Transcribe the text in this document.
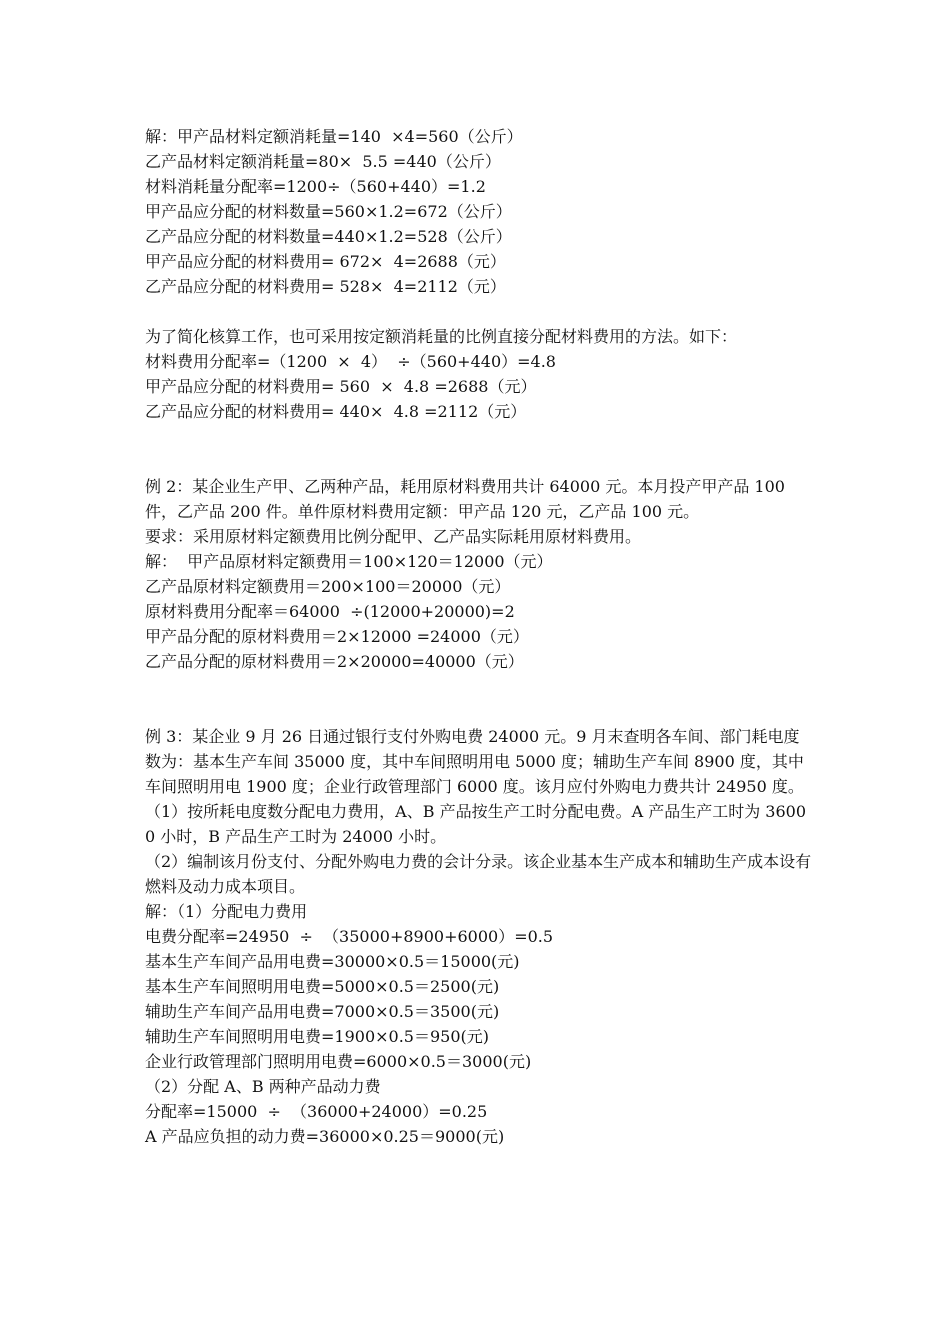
解：甲产品材料定额消耗量=140  ×4=560（公斤）
乙产品材料定额消耗量=80×  5.5 =440（公斤）
材料消耗量分配率=1200÷（560+440）=1.2
甲产品应分配的材料数量=560×1.2=672（公斤）
乙产品应分配的材料数量=440×1.2=528（公斤）
甲产品应分配的材料费用= 672×  4=2688（元）
乙产品应分配的材料费用= 528×  4=2112（元）
为了简化核算工作，也可采用按定额消耗量的比例直接分配材料费用的方法。如下：
材料费用分配率=（1200  ×  4）  ÷（560+440）=4.8
甲产品应分配的材料费用= 560  ×  4.8 =2688（元）
乙产品应分配的材料费用= 440×  4.8 =2112（元）
例 2：某企业生产甲、乙两种产品，耗用原材料费用共计 64000 元。本月投产甲产品 100 件，乙产品 200 件。单件原材料费用定额：甲产品 120 元，乙产品 100 元。
要求：采用原材料定额费用比例分配甲、乙产品实际耗用原材料费用。
解：  甲产品原材料定额费用＝100×120＝12000（元）
乙产品原材料定额费用＝200×100＝20000（元）
原材料费用分配率＝64000  ÷(12000+20000)=2
甲产品分配的原材料费用＝2×12000 =24000（元）
乙产品分配的原材料费用＝2×20000=40000（元）
例 3：某企业 9 月 26 日通过银行支付外购电费 24000 元。9 月末查明各车间、部门耗电度数为：基本生产车间 35000 度，其中车间照明用电 5000 度；辅助生产车间 8900 度，其中车间照明用电 1900 度；企业行政管理部门 6000 度。该月应付外购电力费共计 24950 度。
（1）按所耗电度数分配电力费用，A、B 产品按生产工时分配电费。A 产品生产工时为 36000 小时，B 产品生产工时为 24000 小时。
（2）编制该月份支付、分配外购电力费的会计分录。该企业基本生产成本和辅助生产成本设有燃料及动力成本项目。
解：（1）分配电力费用
电费分配率=24950  ÷  （35000+8900+6000）=0.5
基本生产车间产品用电费=30000×0.5＝15000(元)
基本生产车间照明用电费=5000×0.5＝2500(元)
辅助生产车间产品用电费=7000×0.5＝3500(元)
辅助生产车间照明用电费=1900×0.5＝950(元)
企业行政管理部门照明用电费=6000×0.5＝3000(元)
（2）分配 A、B 两种产品动力费
分配率=15000  ÷  （36000+24000）=0.25
A 产品应负担的动力费=36000×0.25＝9000(元)
